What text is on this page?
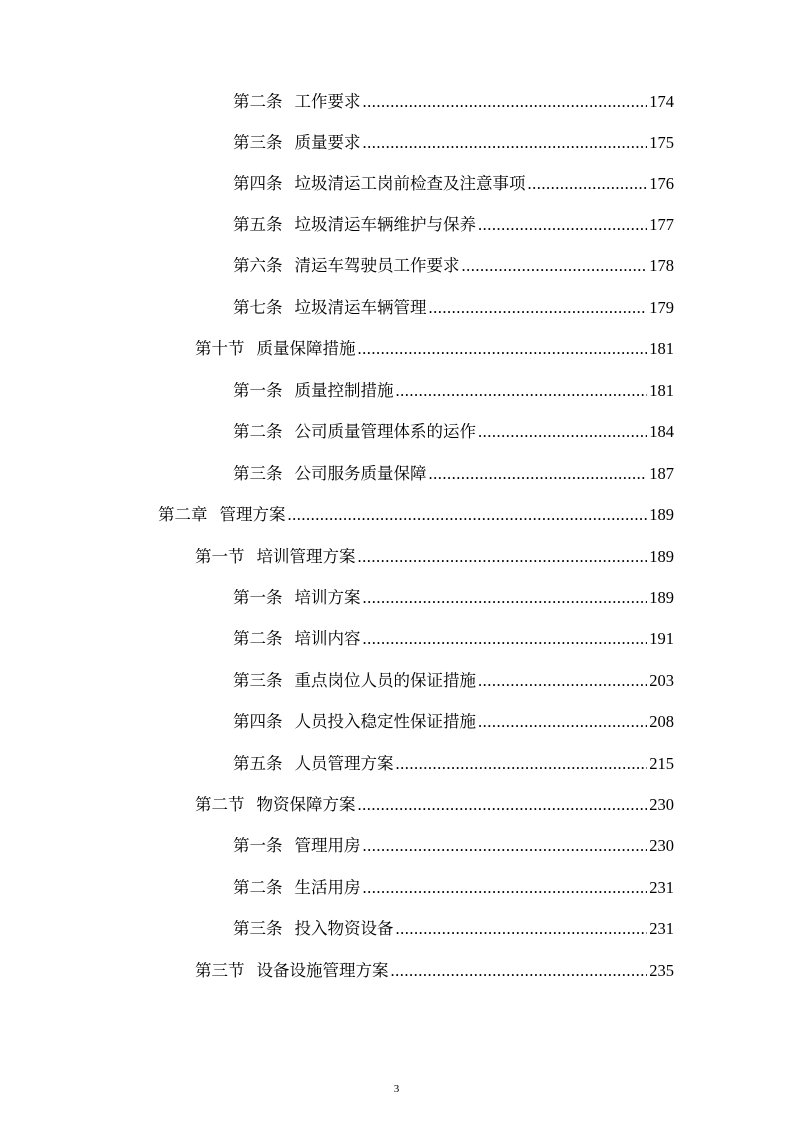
第二条 工作要求 .....	174
第三条 质量要求 .....	175
第四条 垃圾清运工岗前检查及注意事项 .....	176
第五条 垃圾清运车辆维护与保养 .....	177
第六条 清运车驾驶员工作要求 .....	178
第七条 垃圾清运车辆管理 .....	179
第十节 质量保障措施 .....	181
第一条 质量控制措施 .....	181
第二条 公司质量管理体系的运作 .....	184
第三条 公司服务质量保障 .....	187
第二章 管理方案 .....	189
第一节 培训管理方案 .....	189
第一条 培训方案 .....	189
第二条 培训内容 .....	191
第三条 重点岗位人员的保证措施 .....	203
第四条 人员投入稳定性保证措施 .....	208
第五条 人员管理方案 .....	215
第二节 物资保障方案 .....	230
第一条 管理用房 .....	230
第二条 生活用房 .....	231
第三条 投入物资设备 .....	231
第三节 设备设施管理方案 .....	235
3
